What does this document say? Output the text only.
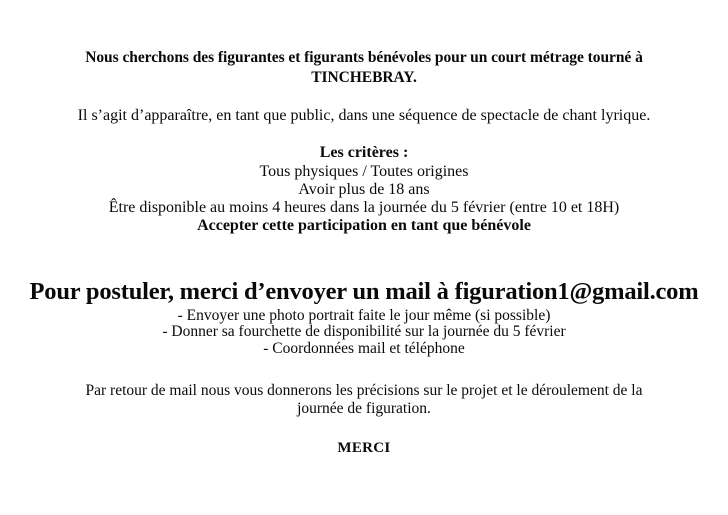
Nous cherchons des figurantes et figurants bénévoles pour un court métrage tourné à
TINCHEBRAY.
Il s’agit d’apparaître, en tant que public, dans une séquence de spectacle de chant lyrique.
Les critères :
Tous physiques / Toutes origines
Avoir plus de 18 ans
Être disponible au moins 4 heures dans la journée du 5 février (entre 10 et 18H)
Accepter cette participation en tant que bénévole
Pour postuler, merci d’envoyer un mail à figuration1@gmail.com
- Envoyer une photo portrait faite le jour même (si possible)
- Donner sa fourchette de disponibilité sur la journée du 5 février
- Coordonnées mail et téléphone
Par retour de mail nous vous donnerons les précisions sur le projet et le déroulement de la
journée de figuration.
MERCI
